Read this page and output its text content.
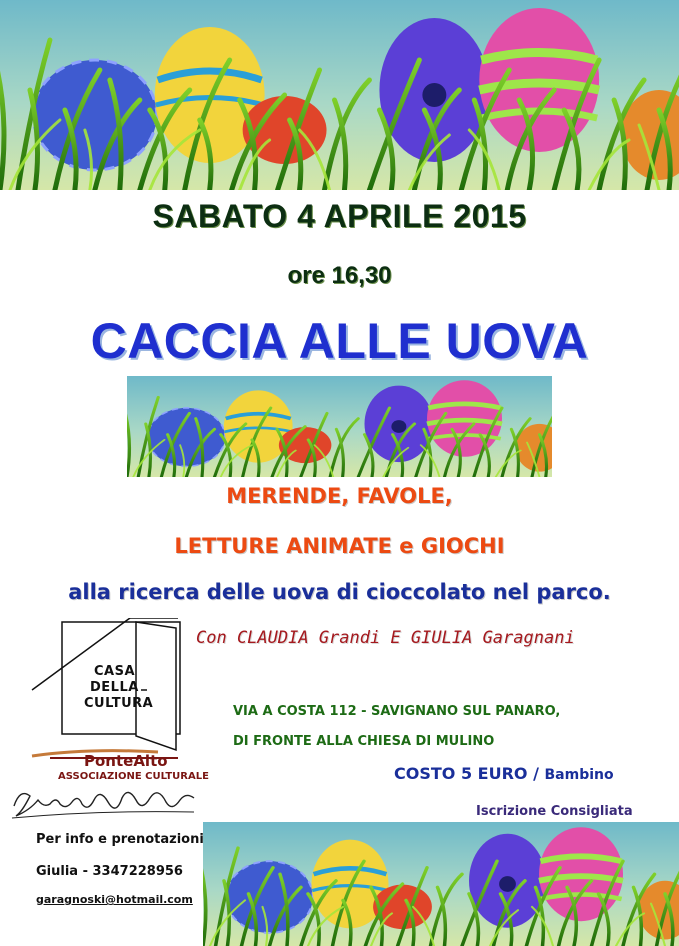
SABATO 4 APRILE 2015
ore 16,30
CACCIA ALLE UOVA
MERENDE, FAVOLE,
LETTURE ANIMATE e GIOCHI
alla ricerca delle uova di cioccolato nel parco.
Con CLAUDIA Grandi E GIULIA Garagnani
CASA
DELLA
CULTURA
PonteAlto
ASSOCIAZIONE CULTURALE
VIA A COSTA 112 - SAVIGNANO SUL PANARO,
DI FRONTE ALLA CHIESA DI MULINO
COSTO 5 EURO / Bambino
Iscrizione Consigliata
Per info e prenotazioni
Giulia - 3347228956
garagnoski@hotmail.com
